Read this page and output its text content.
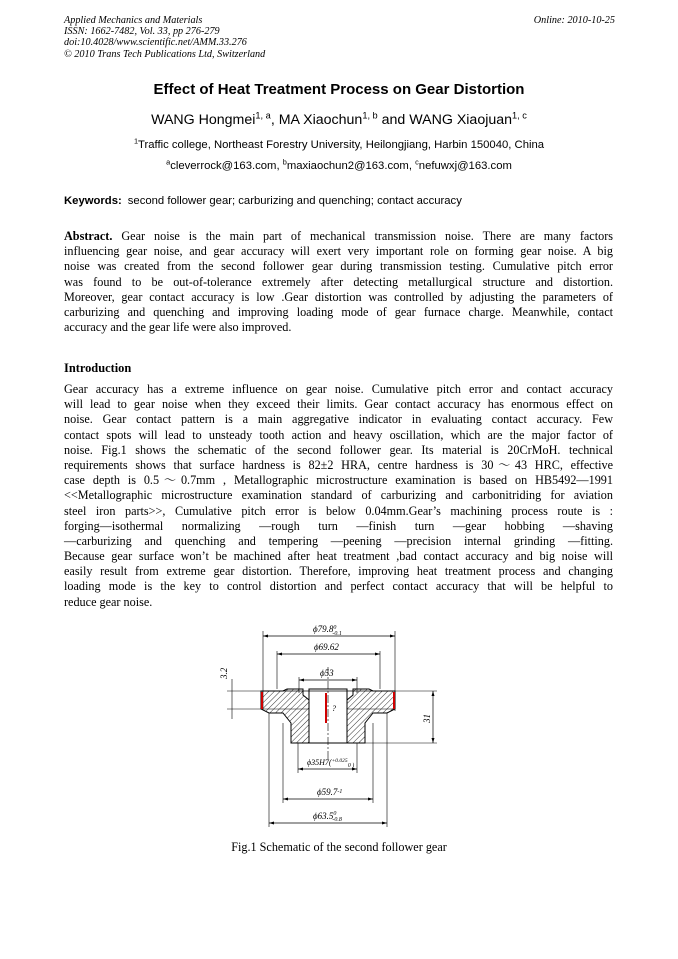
Applied Mechanics and Materials
ISSN: 1662-7482, Vol. 33, pp 276-279
doi:10.4028/www.scientific.net/AMM.33.276
© 2010 Trans Tech Publications Ltd, Switzerland
Online: 2010-10-25
Effect of Heat Treatment Process on Gear Distortion
WANG Hongmei$^{1, a}$, MA Xiaochun$^{1, b}$ and WANG Xiaojuan$^{1, c}$
$^1$Traffic college, Northeast Forestry University, Heilongjiang, Harbin 150040, China
$^a$cleverrock@163.com, $^b$maxiaochun2@163.com, $^c$nefuwxj@163.com
Keywords: second follower gear; carburizing and quenching; contact accuracy
Abstract. Gear noise is the main part of mechanical transmission noise. There are many factors
influencing gear noise, and gear accuracy will exert very important role on forming gear noise. A big
noise was created from the second follower gear during transmission testing. Cumulative pitch error
was found to be out-of-tolerance extremely after detecting metallurgical structure and distortion.
Moreover, gear contact accuracy is low .Gear distortion was controlled by adjusting the parameters of
carburizing and quenching and improving loading mode of gear furnace charge. Meanwhile, contact
accuracy and the gear life were also improved.
Introduction
Gear accuracy has a extreme influence on gear noise. Cumulative pitch error and contact accuracy
will lead to gear noise when they exceed their limits. Gear contact accuracy has enormous effect on
noise. Gear contact pattern is a main aggregative indicator in evaluating contact accuracy. Few
contact spots will lead to unsteady tooth action and heavy oscillation, which are the major factor of
noise. Fig.1 shows the schematic of the second follower gear. Its material is 20CrMoH. technical
requirements shows that surface hardness is 82±2 HRA, centre hardness is 30～43 HRC, effective
case depth is 0.5～0.7mm , Metallographic microstructure examination is based on HB5492—1991
<<Metallographic microstructure examination standard of carburizing and carbonitriding for aviation
steel iron parts>>, Cumulative pitch error is below 0.04mm.Gear’s machining process route is :
forging—isothermal normalizing —rough turn —finish turn —gear hobbing —shaving
—carburizing and quenching and tempering —peening —precision internal grinding —fitting.
Because gear surface won’t be machined after heat treatment ,bad contact accuracy and big noise will
easily result from extreme gear distortion. Therefore, improving heat treatment process and changing
loading mode is the key to control distortion and perfect contact accuracy that will be helpful to
reduce gear noise.
?
3.2
31
ϕ79.8$^0$ -0.1
ϕ69.62
ϕ53
ϕ35H7($^{+0.025}_{0 )}$
$\phi 59.7^{-1}$
ϕ63.5$^0$ -0.8
Fig.1 Schematic of the second follower gear
